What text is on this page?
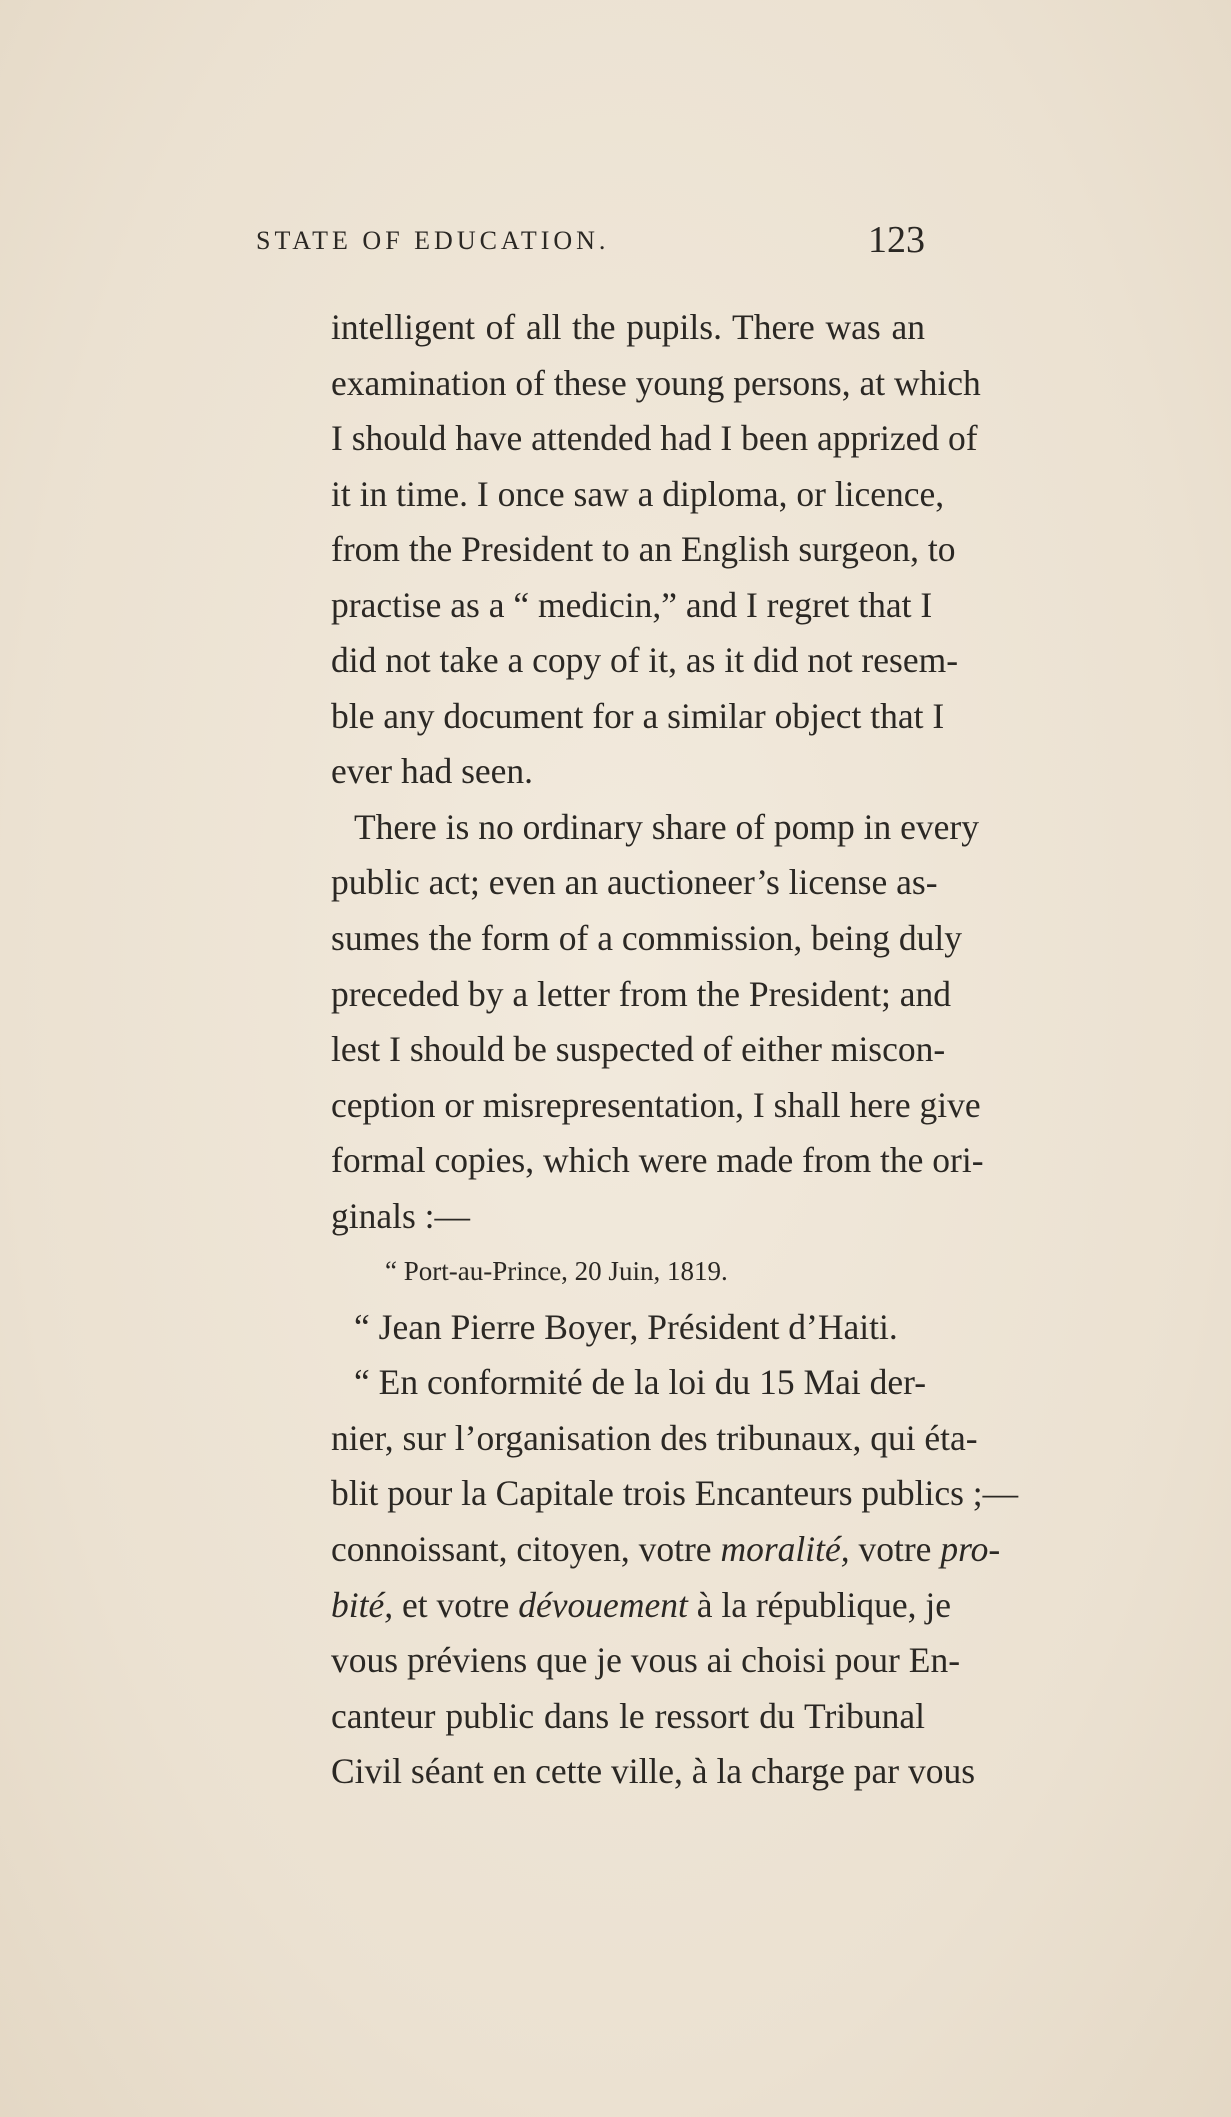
STATE OF EDUCATION.	123
intelligent of all the pupils. There was an
examination of these young persons, at which
I should have attended had I been apprized of
it in time. I once saw a diploma, or licence,
from the President to an English surgeon, to
practise as a “ medicin,” and I regret that I
did not take a copy of it, as it did not resem-
ble any document for a similar object that I
ever had seen.
There is no ordinary share of pomp in every
public act; even an auctioneer’s license as-
sumes the form of a commission, being duly
preceded by a letter from the President; and
lest I should be suspected of either miscon-
ception or misrepresentation, I shall here give
formal copies, which were made from the ori-
ginals :—
“ Port-au-Prince, 20 Juin, 1819.
“ Jean Pierre Boyer, Président d’Haiti.
“ En conformité de la loi du 15 Mai der-
nier, sur l’organisation des tribunaux, qui éta-
blit pour la Capitale trois Encanteurs publics ;—
connoissant, citoyen, votre moralité, votre pro-
bité, et votre dévouement à la république, je
vous préviens que je vous ai choisi pour En-
canteur public dans le ressort du Tribunal
Civil séant en cette ville, à la charge par vous
